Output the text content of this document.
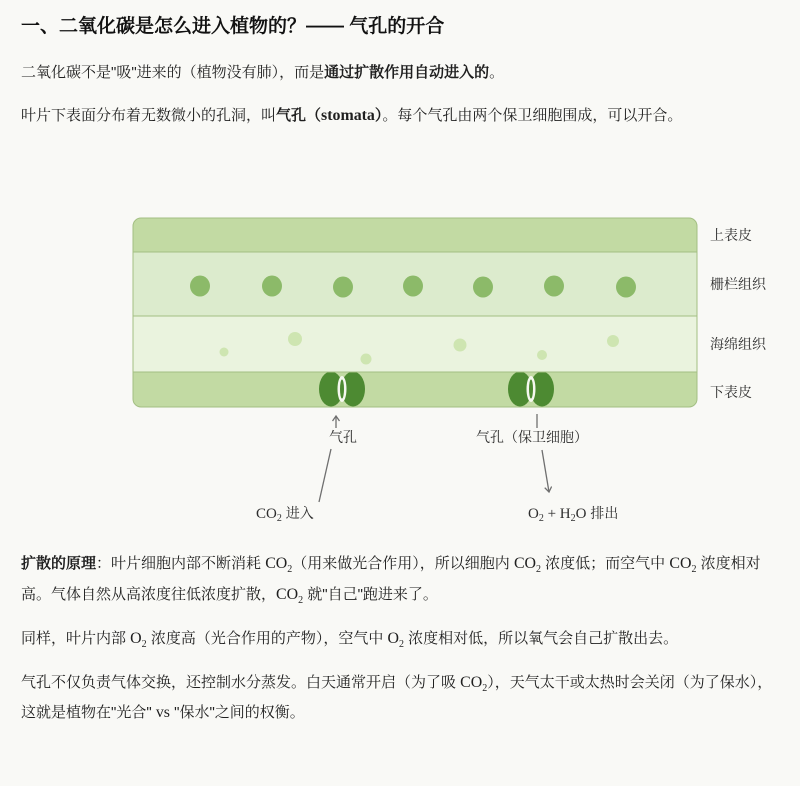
一、二氧化碳是怎么进入植物的？—— 气孔的开合

二氧化碳不是"吸"进来的（植物没有肺），而是通过扩散作用自动进入的。

叶片下表面分布着无数微小的孔洞，叫气孔（stomata）。每个气孔由两个保卫细胞围成，可以开合。

上表皮
栅栏组织
海绵组织
下表皮
气孔	气孔（保卫细胞）
$CO_2$ 进入	$O_2 + H_2O$ 排出

扩散的原理：叶片细胞内部不断消耗 $CO_2$（用来做光合作用），所以细胞内 $CO_2$ 浓度低；而空气中 $CO_2$ 浓度相对高。气体自然从高浓度往低浓度扩散，$CO_2$ 就"自己"跑进来了。

同样，叶片内部 $O_2$ 浓度高（光合作用的产物），空气中 $O_2$ 浓度相对低，所以氧气会自己扩散出去。

气孔不仅负责气体交换，还控制水分蒸发。白天通常开启（为了吸 $CO_2$），天气太干或太热时会关闭（为了保水），这就是植物在"光合" vs "保水"之间的权衡。
